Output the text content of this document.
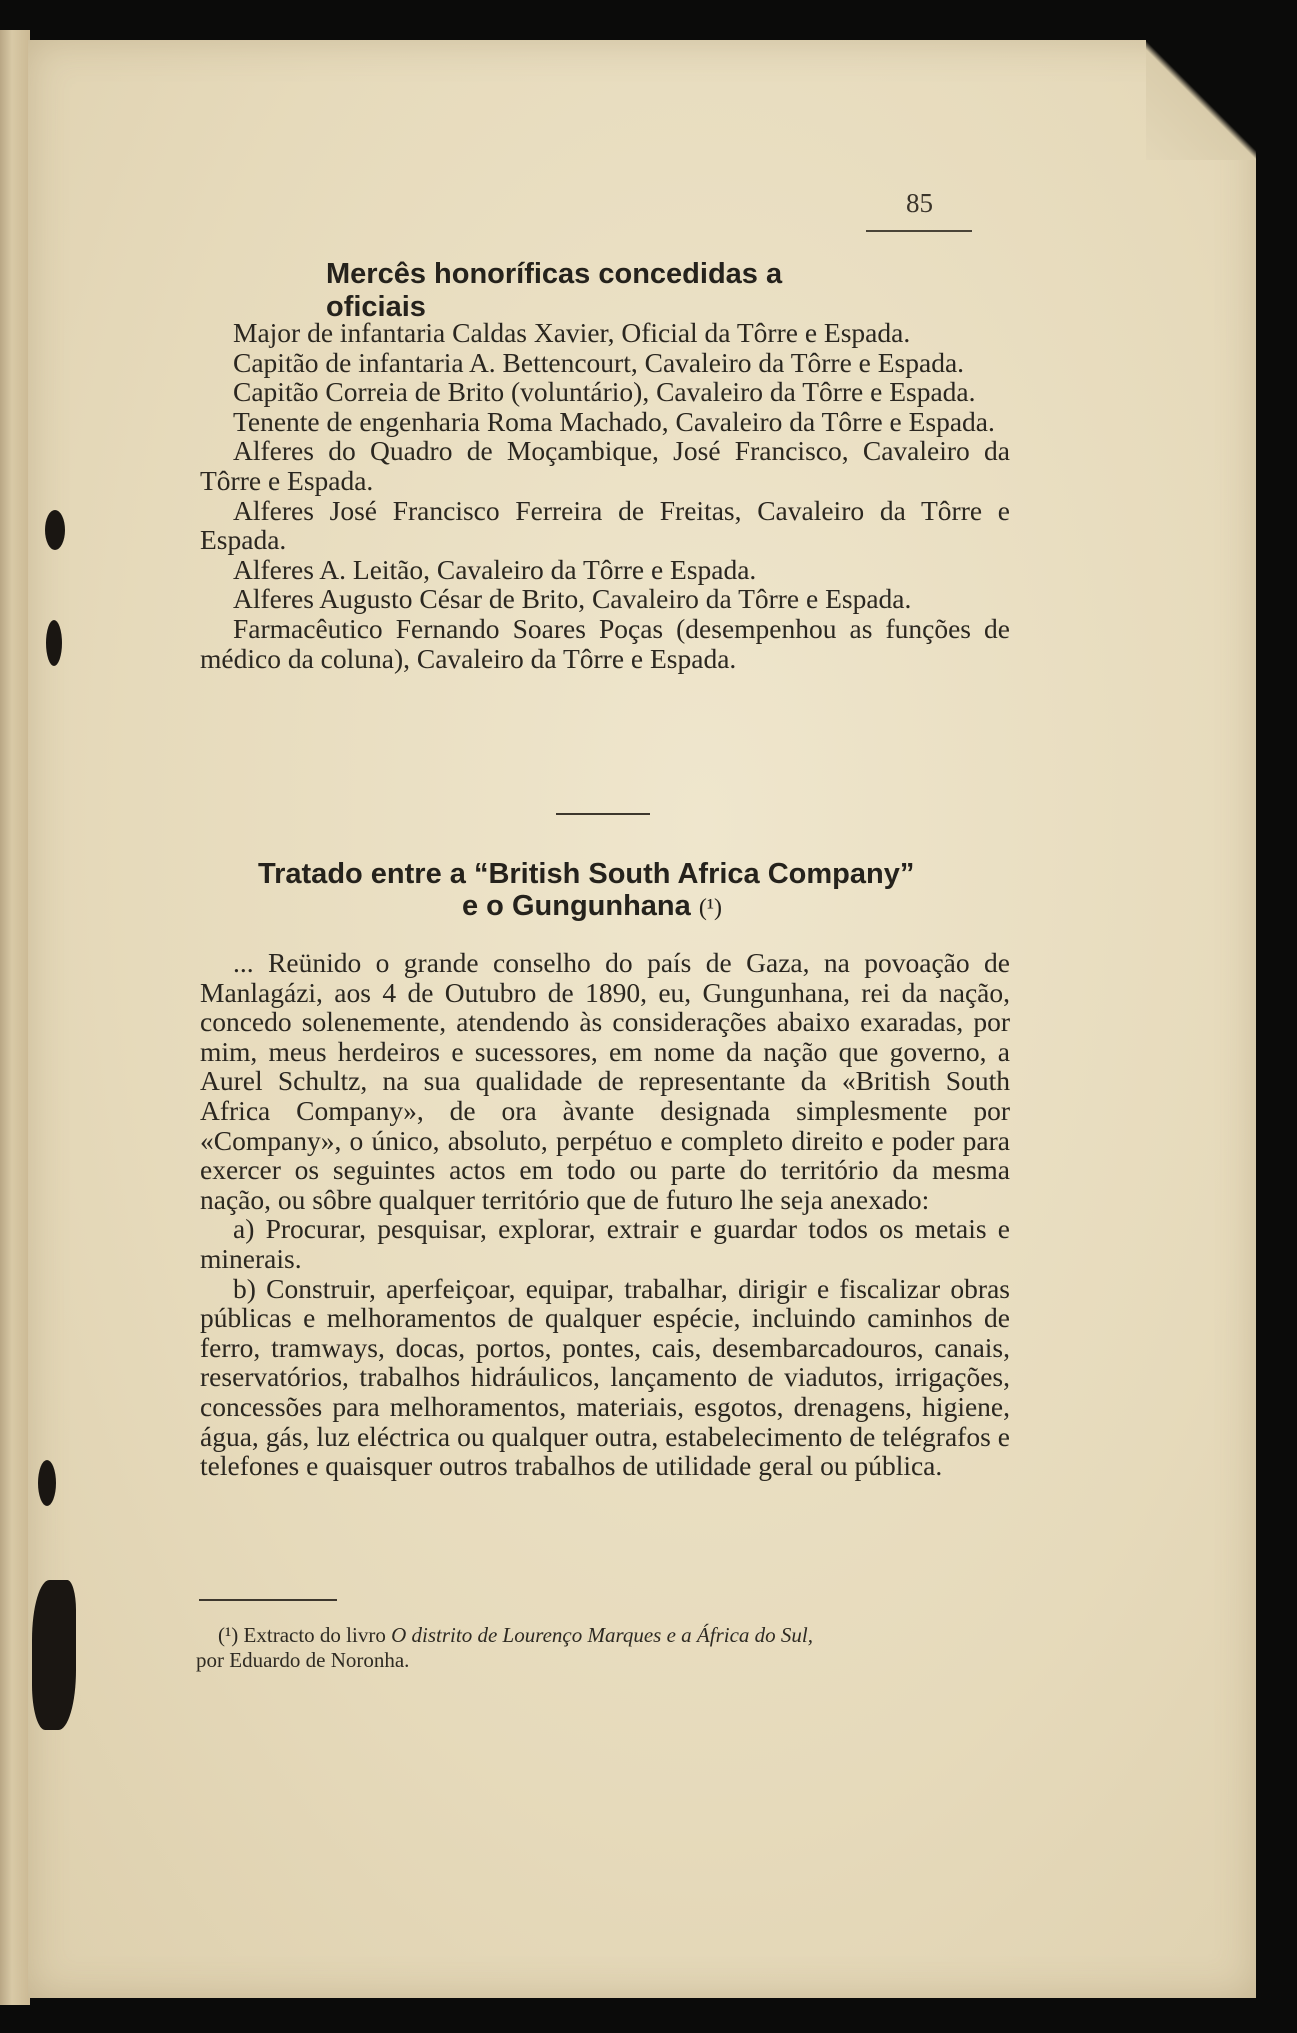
85
Mercês honoríficas concedidas a oficiais

Major de infantaria Caldas Xavier, Oficial da Tôrre e Espada.

Capitão de infantaria A. Bettencourt, Cavaleiro da Tôrre e Espada.

Capitão Correia de Brito (voluntário), Cavaleiro da Tôrre e Espada.

Tenente de engenharia Roma Machado, Cavaleiro da Tôrre e Espada.

Alferes do Quadro de Moçambique, José Francisco, Cavaleiro da Tôrre e Espada.

Alferes José Francisco Ferreira de Freitas, Cavaleiro da Tôrre e Espada.

Alferes A. Leitão, Cavaleiro da Tôrre e Espada.

Alferes Augusto César de Brito, Cavaleiro da Tôrre e Espada.

Farmacêutico Fernando Soares Poças (desempenhou as funções de médico da coluna), Cavaleiro da Tôrre e Espada.

Tratado entre a “British South Africa Company”
e o Gungunhana (¹)

... Reünido o grande conselho do país de Gaza, na povoação de Manlagázi, aos 4 de Outubro de 1890, eu, Gungunhana, rei da nação, concedo solenemente, atendendo às considerações abaixo exaradas, por mim, meus herdeiros e sucessores, em nome da nação que governo, a Aurel Schultz, na sua qualidade de representante da «British South Africa Company», de ora àvante designada simplesmente por «Company», o único, absoluto, perpétuo e completo direito e poder para exercer os seguintes actos em todo ou parte do território da mesma nação, ou sôbre qualquer território que de futuro lhe seja anexado:

a) Procurar, pesquisar, explorar, extrair e guardar todos os metais e minerais.

b) Construir, aperfeiçoar, equipar, trabalhar, dirigir e fiscalizar obras públicas e melhoramentos de qualquer espécie, incluindo caminhos de ferro, tramways, docas, portos, pontes, cais, desembarcadouros, canais, reservatórios, trabalhos hidráulicos, lançamento de viadutos, irrigações, concessões para melhoramentos, materiais, esgotos, drenagens, higiene, água, gás, luz eléctrica ou qualquer outra, estabelecimento de telégrafos e telefones e quaisquer outros trabalhos de utilidade geral ou pública.

(¹) Extracto do livro O distrito de Lourenço Marques e a África do Sul,
por Eduardo de Noronha.
